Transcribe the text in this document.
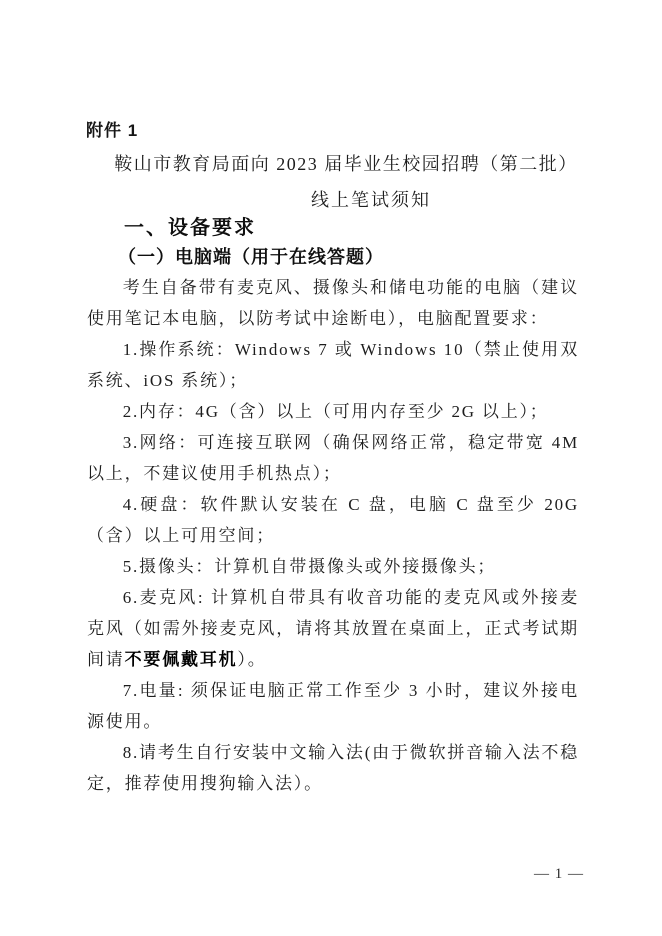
附件 1
鞍山市教育局面向 2023 届毕业生校园招聘（第二批）
线上笔试须知
一、设备要求
（一）电脑端（用于在线答题）

考生自备带有麦克风、摄像头和储电功能的电脑（建议使用笔记本电脑，以防考试中途断电），电脑配置要求：

1.操作系统：Windows 7 或 Windows 10（禁止使用双系统、iOS 系统）；

2.内存：4G（含）以上（可用内存至少 2G 以上）；

3.网络：可连接互联网（确保网络正常，稳定带宽 4M 以上，不建议使用手机热点）；

4.硬盘：软件默认安装在 C 盘，电脑 C 盘至少 20G（含）以上可用空间；

5.摄像头：计算机自带摄像头或外接摄像头；

6.麦克风: 计算机自带具有收音功能的麦克风或外接麦克风（如需外接麦克风，请将其放置在桌面上，正式考试期间请不要佩戴耳机）。

7.电量: 须保证电脑正常工作至少 3 小时，建议外接电源使用。

8.请考生自行安装中文输入法(由于微软拼音输入法不稳定，推荐使用搜狗输入法）。

— 1 —
